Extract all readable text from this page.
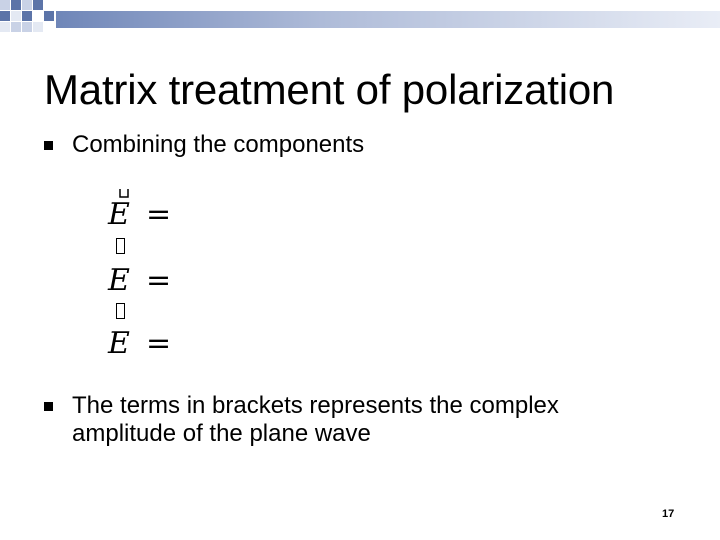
Matrix treatment of polarization
Combining the components
E =
E =
E =
The terms in brackets represents the complex amplitude of the plane wave
17
